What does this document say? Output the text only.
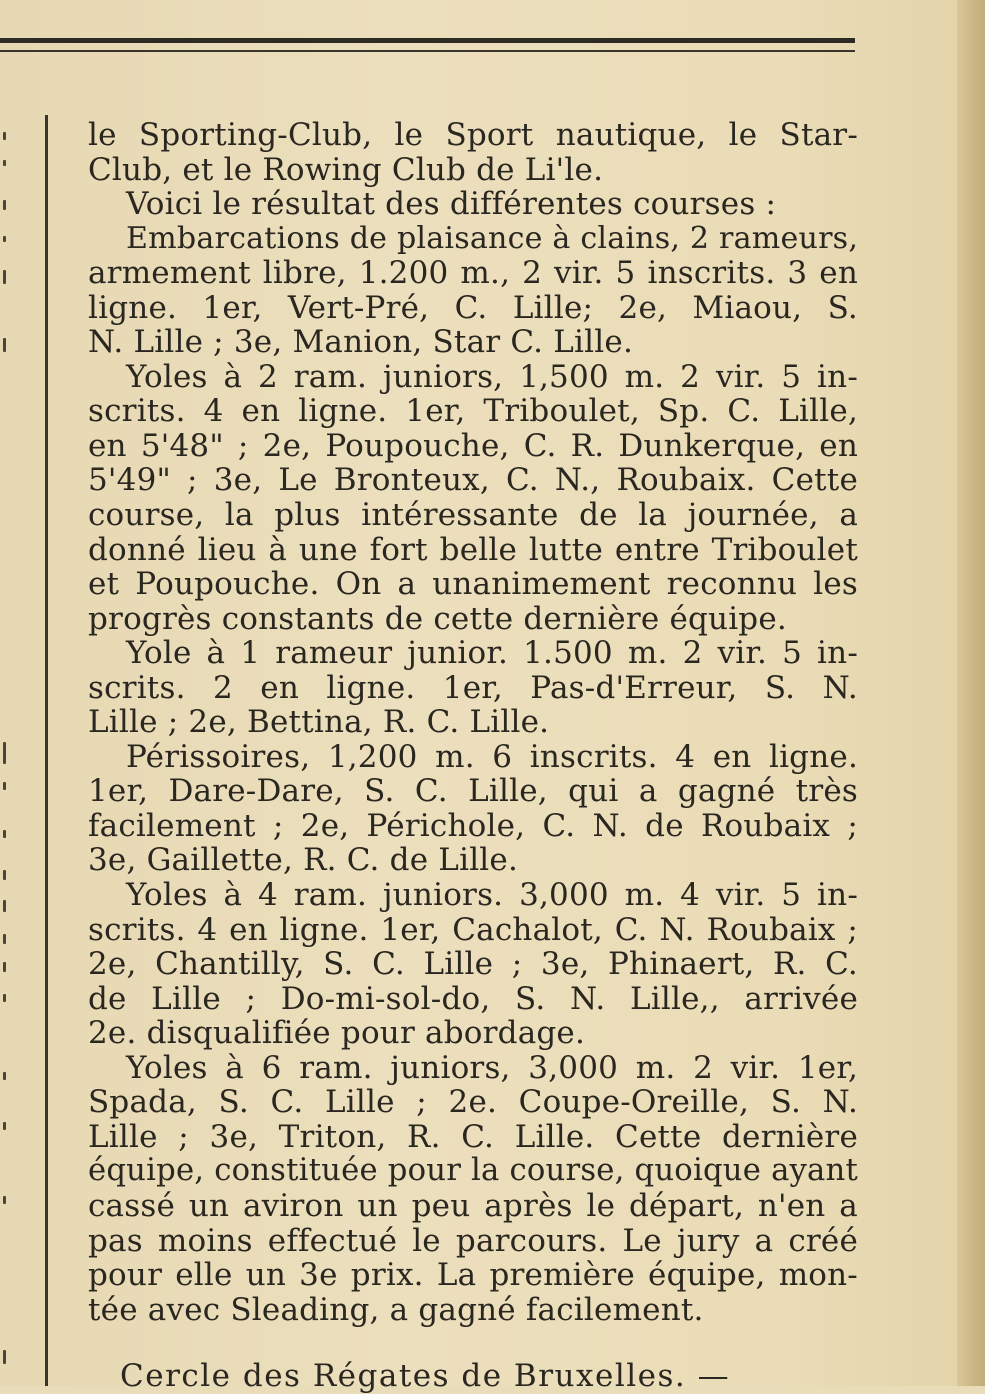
le Sporting-Club, le Sport nautique, le Star-
Club, et le Rowing Club de Li'le.
Voici le résultat des différentes courses :
Embarcations de plaisance à clains, 2 rameurs,
armement libre, 1.200 m., 2 vir. 5 inscrits. 3 en
ligne. 1er, Vert-Pré, C. Lille; 2e, Miaou, S.
N. Lille ; 3e, Manion, Star C. Lille.
Yoles à 2 ram. juniors, 1,500 m. 2 vir. 5 in-
scrits. 4 en ligne. 1er, Triboulet, Sp. C. Lille,
en 5'48" ; 2e, Poupouche, C. R. Dunkerque, en
5'49" ; 3e, Le Bronteux, C. N., Roubaix. Cette
course, la plus intéressante de la journée, a
donné lieu à une fort belle lutte entre Triboulet
et Poupouche. On a unanimement reconnu les
progrès constants de cette dernière équipe.
Yole à 1 rameur junior. 1.500 m. 2 vir. 5 in-
scrits. 2 en ligne. 1er, Pas-d'Erreur, S. N.
Lille ; 2e, Bettina, R. C. Lille.
Périssoires, 1,200 m. 6 inscrits. 4 en ligne.
1er, Dare-Dare, S. C. Lille, qui a gagné très
facilement ; 2e, Périchole, C. N. de Roubaix ;
3e, Gaillette, R. C. de Lille.
Yoles à 4 ram. juniors. 3,000 m. 4 vir. 5 in-
scrits. 4 en ligne. 1er, Cachalot, C. N. Roubaix ;
2e, Chantilly, S. C. Lille ; 3e, Phinaert, R. C.
de Lille ; Do-mi-sol-do, S. N. Lille,, arrivée
2e. disqualifiée pour abordage.
Yoles à 6 ram. juniors, 3,000 m. 2 vir. 1er,
Spada, S. C. Lille ; 2e. Coupe-Oreille, S. N.
Lille ; 3e, Triton, R. C. Lille. Cette dernière
équipe, constituée pour la course, quoique ayant
cassé un aviron un peu après le départ, n'en a
pas moins effectué le parcours. Le jury a créé
pour elle un 3e prix. La première équipe, mon-
tée avec Sleading, a gagné facilement.
Cercle des Régates de Bruxelles. —
